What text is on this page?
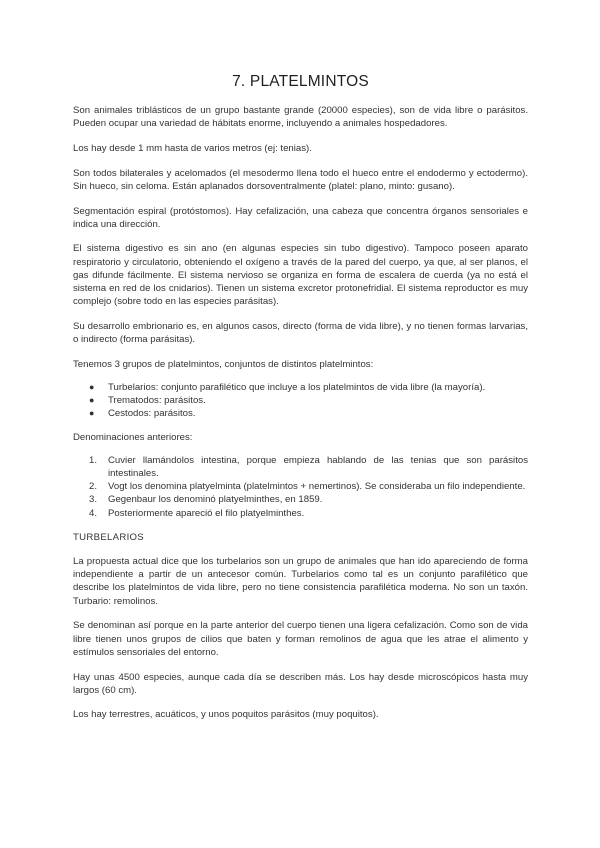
7. PLATELMINTOS

Son animales triblásticos de un grupo bastante grande (20000 especies), son de vida libre o parásitos. Pueden ocupar una variedad de hábitats enorme, incluyendo a animales hospedadores.

Los hay desde 1 mm hasta de varios metros (ej: tenias).

Son todos bilaterales y acelomados (el mesodermo llena todo el hueco entre el endodermo y ectodermo). Sin hueco, sin celoma. Están aplanados dorsoventralmente (platel: plano, minto: gusano).

Segmentación espiral (protóstomos). Hay cefalización, una cabeza que concentra órganos sensoriales e indica una dirección.

El sistema digestivo es sin ano (en algunas especies sin tubo digestivo). Tampoco poseen aparato respiratorio y circulatorio, obteniendo el oxígeno a través de la pared del cuerpo, ya que, al ser planos, el gas difunde fácilmente. El sistema nervioso se organiza en forma de escalera de cuerda (ya no está el sistema en red de los cnidarios). Tienen un sistema excretor protonefridial. El sistema reproductor es muy complejo (sobre todo en las especies parásitas).

Su desarrollo embrionario es, en algunos casos, directo (forma de vida libre), y no tienen formas larvarias, o indirecto (forma parásitas).

Tenemos 3 grupos de platelmintos, conjuntos de distintos platelmintos:

●	Turbelarios: conjunto parafilético que incluye a los platelmintos de vida libre (la mayoría).
●	Trematodos: parásitos.
●	Cestodos: parásitos.

Denominaciones anteriores:

1.	Cuvier llamándolos intestina, porque empieza hablando de las tenias que son parásitos intestinales.
2.	Vogt los denomina platyelminta (platelmintos + nemertinos). Se consideraba un filo independiente.
3.	Gegenbaur los denominó platyelminthes, en 1859.
4.	Posteriormente apareció el filo platyelminthes.
TURBELARIOS

La propuesta actual dice que los turbelarios son un grupo de animales que han ido apareciendo de forma independiente a partir de un antecesor común. Turbelarios como tal es un conjunto parafilético que describe los platelmintos de vida libre, pero no tiene consistencia parafilética moderna. No son un taxón. Turbario: remolinos.

Se denominan así porque en la parte anterior del cuerpo tienen una ligera cefalización. Como son de vida libre tienen unos grupos de cilios que baten y forman remolinos de agua que les atrae el alimento y estímulos sensoriales del entorno.

Hay unas 4500 especies, aunque cada día se describen más. Los hay desde microscópicos hasta muy largos (60 cm).

Los hay terrestres, acuáticos, y unos poquitos parásitos (muy poquitos).
